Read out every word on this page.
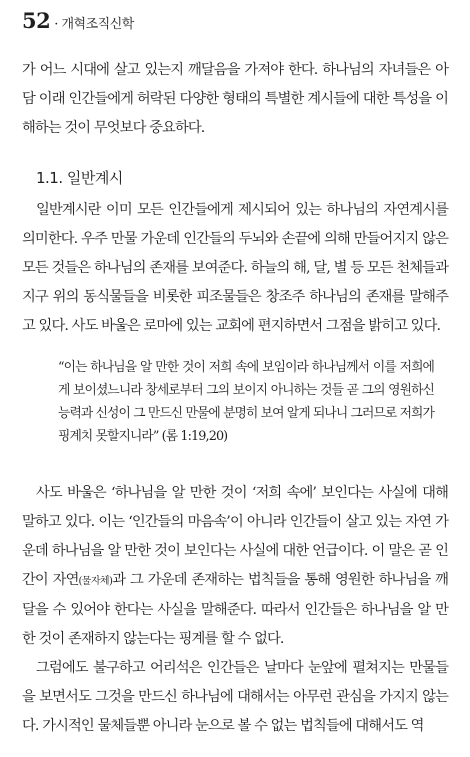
52 · 개혁조직신학

가 어느 시대에 살고 있는지 깨달음을 가져야 한다. 하나님의 자녀들은 아담 이래 인간들에게 허락된 다양한 형태의 특별한 계시들에 대한 특성을 이해하는 것이 무엇보다 중요하다.

1.1. 일반계시

일반계시란 이미 모든 인간들에게 제시되어 있는 하나님의 자연계시를 의미한다. 우주 만물 가운데 인간들의 두뇌와 손끝에 의해 만들어지지 않은 모든 것들은 하나님의 존재를 보여준다. 하늘의 해, 달, 별 등 모든 천체들과 지구 위의 동식물들을 비롯한 피조물들은 창조주 하나님의 존재를 말해주고 있다. 사도 바울은 로마에 있는 교회에 편지하면서 그점을 밝히고 있다.

“이는 하나님을 알 만한 것이 저희 속에 보임이라 하나님께서 이를 저희에게 보이셨느니라 창세로부터 그의 보이지 아니하는 것들 곧 그의 영원하신 능력과 신성이 그 만드신 만물에 분명히 보여 알게 되나니 그러므로 저희가 핑계치 못할지니라” (롬 1:19,20)

사도 바울은 ‘하나님을 알 만한 것이 ‘저희 속에’ 보인다는 사실에 대해 말하고 있다. 이는 ‘인간들의 마음속’이 아니라 인간들이 살고 있는 자연 가운데 하나님을 알 만한 것이 보인다는 사실에 대한 언급이다. 이 말은 곧 인간이 자연(물자체)과 그 가운데 존재하는 법칙들을 통해 영원한 하나님을 깨달을 수 있어야 한다는 사실을 말해준다. 따라서 인간들은 하나님을 알 만한 것이 존재하지 않는다는 핑계를 할 수 없다.

그럼에도 불구하고 어리석은 인간들은 날마다 눈앞에 펼쳐지는 만물들을 보면서도 그것을 만드신 하나님에 대해서는 아무런 관심을 가지지 않는다. 가시적인 물체들뿐 아니라 눈으로 볼 수 없는 법칙들에 대해서도 역
